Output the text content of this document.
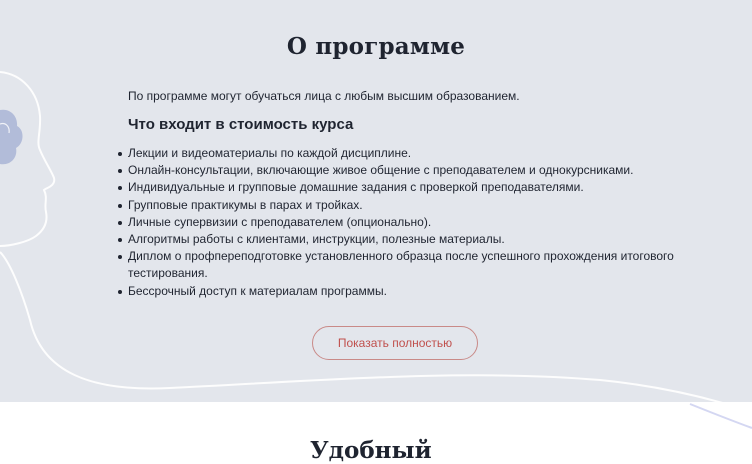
О программе

По программе могут обучаться лица с любым высшим образованием.

Что входит в стоимость курса
Лекции и видеоматериалы по каждой дисциплине.
Онлайн-консультации, включающие живое общение с преподавателем и однокурсниками.
Индивидуальные и групповые домашние задания с проверкой преподавателями.
Групповые практикумы в парах и тройках.
Личные супервизии с преподавателем (опционально).
Алгоритмы работы с клиентами, инструкции, полезные материалы.
Диплом о профпереподготовке установленного образца после успешного прохождения итогового тестирования.
Бессрочный доступ к материалам программы.
Показать полностью
Удобный
